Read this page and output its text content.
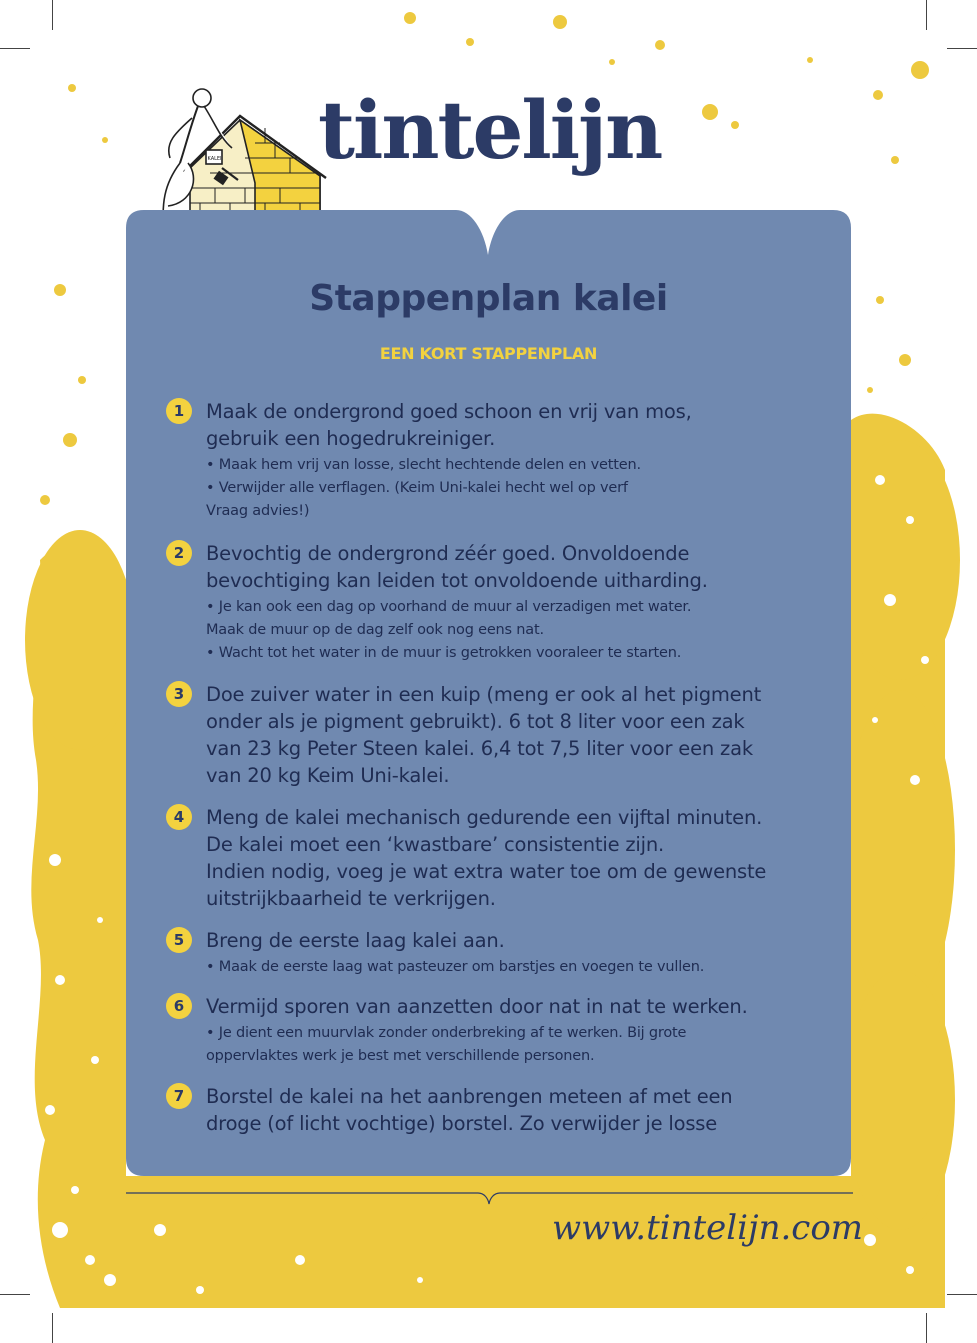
KALEI tintelijn
Stappenplan kalei
EEN KORT STAPPENPLAN
1	Maak de ondergrond goed schoon en vrij van mos,
gebruik een hogedrukreiniger.
• Maak hem vrij van losse, slecht hechtende delen en vetten.
• Verwijder alle verflagen. (Keim Uni-kalei hecht wel op verf
Vraag advies!)
2	Bevochtig de ondergrond zéér goed. Onvoldoende
bevochtiging kan leiden tot onvoldoende uitharding.
• Je kan ook een dag op voorhand de muur al verzadigen met water.
Maak de muur op de dag zelf ook nog eens nat.
• Wacht tot het water in de muur is getrokken vooraleer te starten.
3	Doe zuiver water in een kuip (meng er ook al het pigment
onder als je pigment gebruikt). 6 tot 8 liter voor een zak
van 23 kg Peter Steen kalei. 6,4 tot 7,5 liter voor een zak
van 20 kg Keim Uni-kalei.
4	Meng de kalei mechanisch gedurende een vijftal minuten.
De kalei moet een ‘kwastbare’ consistentie zijn.
Indien nodig, voeg je wat extra water toe om de gewenste
uitstrijkbaarheid te verkrijgen.
5	Breng de eerste laag kalei aan.
• Maak de eerste laag wat pasteuzer om barstjes en voegen te vullen.
6	Vermijd sporen van aanzetten door nat in nat te werken.
• Je dient een muurvlak zonder onderbreking af te werken. Bij grote
oppervlaktes werk je best met verschillende personen.
7	Borstel de kalei na het aanbrengen meteen af met een
droge (of licht vochtige) borstel. Zo verwijder je losse
www.tintelijn.com
